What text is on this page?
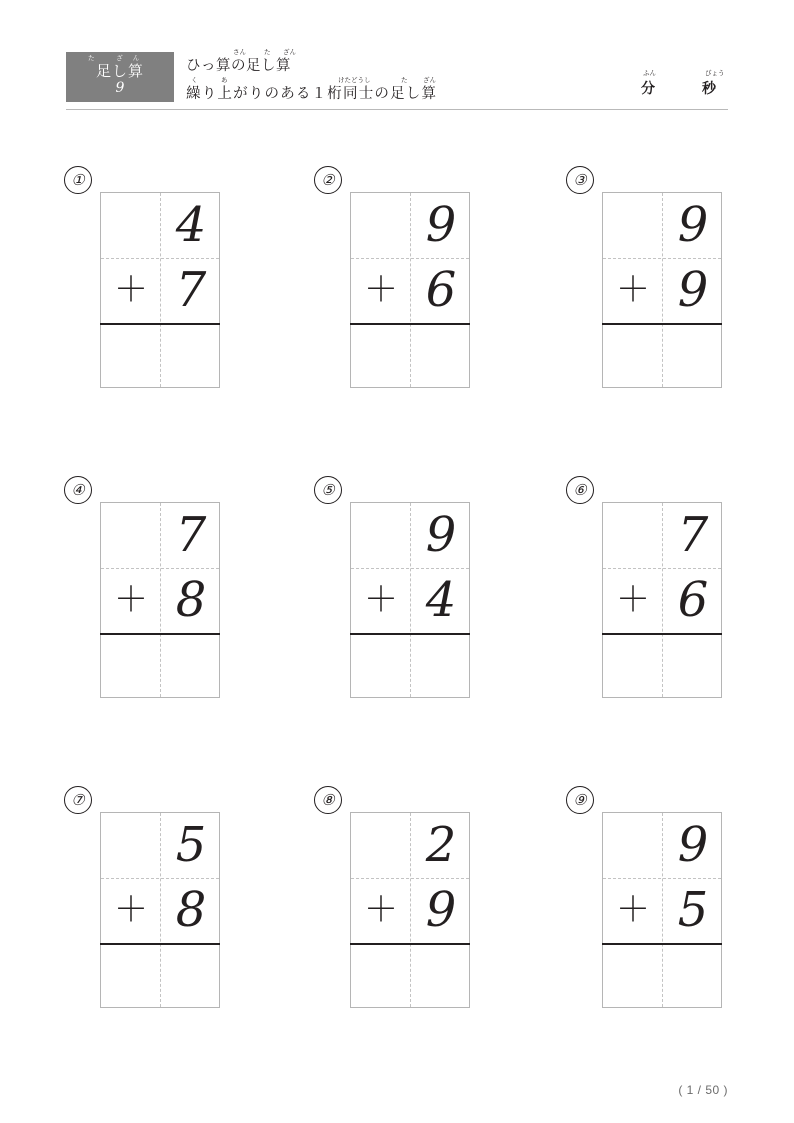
た ざん
足し算
9
さん	た ざん
ひっ算の足し算
く	あ	けたどうし	た ざん
繰り上がりのある１桁同士の足し算
ふん
分
びょう
秒
①
4
＋ 7
②
9
＋ 6
③
9
＋ 9
④
7
＋ 8
⑤
9
＋ 4
⑥
7
＋ 6
⑦
5
＋ 8
⑧
2
＋ 9
⑨
9
＋ 5
( 1 / 50 )
